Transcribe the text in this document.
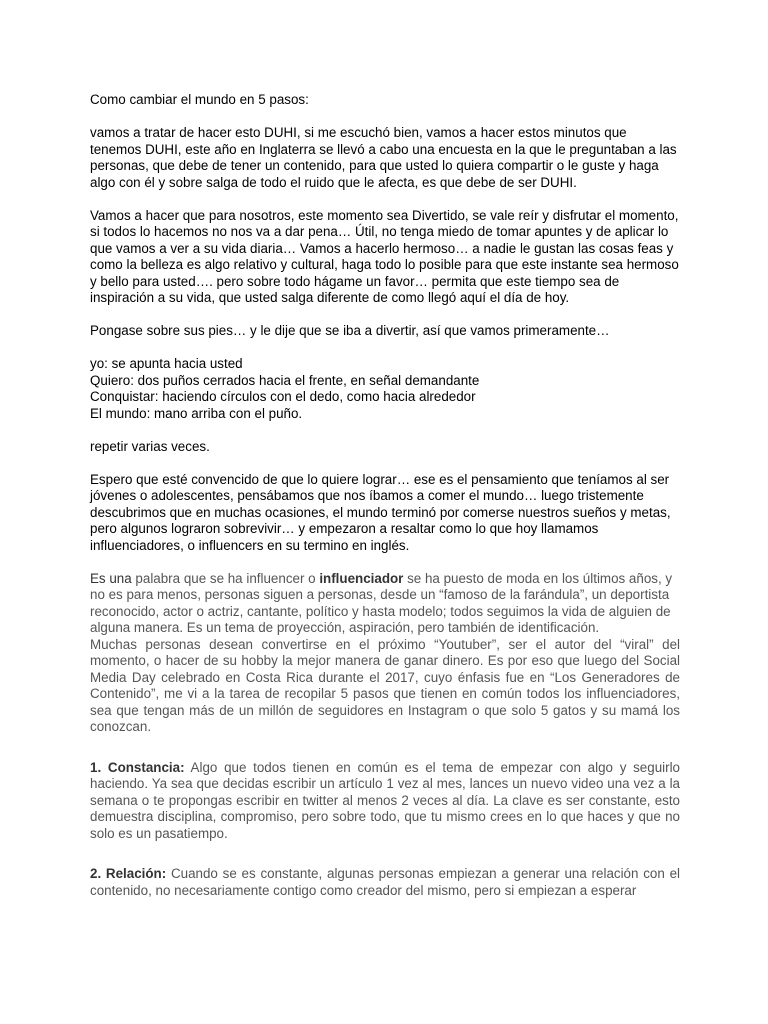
Como cambiar el mundo en 5 pasos:

vamos a tratar de hacer esto DUHI, si me escuchó bien, vamos a hacer estos minutos que tenemos DUHI, este año en Inglaterra se llevó a cabo una encuesta en la que le preguntaban a las personas, que debe de tener un contenido, para que usted lo quiera compartir o le guste y haga algo con él y sobre salga de todo el ruido que le afecta, es que debe de ser DUHI.

Vamos a hacer que para nosotros, este momento sea Divertido, se vale reír y disfrutar el momento, si todos lo hacemos no nos va a dar pena… Útil, no tenga miedo de tomar apuntes y de aplicar lo que vamos a ver a su vida diaria… Vamos a hacerlo hermoso… a nadie le gustan las cosas feas y como la belleza es algo relativo y cultural, haga todo lo posible para que este instante sea hermoso y bello para usted…. pero sobre todo hágame un favor… permita que este tiempo sea de inspiración a su vida, que usted salga diferente de como llegó aquí el día de hoy.

Pongase sobre sus pies… y le dije que se iba a divertir, así que vamos primeramente…

yo: se apunta hacia usted
Quiero: dos puños cerrados hacia el frente, en señal demandante
Conquistar: haciendo círculos con el dedo, como hacia alrededor
El mundo: mano arriba con el puño.

repetir varias veces.

Espero que esté convencido de que lo quiere lograr… ese es el pensamiento que teníamos al ser jóvenes o adolescentes, pensábamos que nos íbamos a comer el mundo… luego tristemente descubrimos que en muchas ocasiones, el mundo terminó por comerse nuestros sueños y metas, pero algunos lograron sobrevivir… y empezaron a resaltar como lo que hoy llamamos influenciadores, o influencers en su termino en inglés.

Es una palabra que se ha influencer o influenciador se ha puesto de moda en los últimos años, y no es para menos, personas siguen a personas, desde un “famoso de la farándula”, un deportista reconocido, actor o actriz, cantante, político y hasta modelo; todos seguimos la vida de alguien de alguna manera. Es un tema de proyección, aspiración, pero también de identificación.

Muchas personas desean convertirse en el próximo “Youtuber”, ser el autor del “viral” del momento, o hacer de su hobby la mejor manera de ganar dinero. Es por eso que luego del Social Media Day celebrado en Costa Rica durante el 2017, cuyo énfasis fue en “Los Generadores de Contenido”, me vi a la tarea de recopilar 5 pasos que tienen en común todos los influenciadores, sea que tengan más de un millón de seguidores en Instagram o que solo 5 gatos y su mamá los conozcan.

1. Constancia: Algo que todos tienen en común es el tema de empezar con algo y seguirlo haciendo. Ya sea que decidas escribir un artículo 1 vez al mes, lances un nuevo video una vez a la semana o te propongas escribir en twitter al menos 2 veces al día. La clave es ser constante, esto demuestra disciplina, compromiso, pero sobre todo, que tu mismo crees en lo que haces y que no solo es un pasatiempo.

2. Relación: Cuando se es constante, algunas personas empiezan a generar una relación con el contenido, no necesariamente contigo como creador del mismo, pero si empiezan a esperar
